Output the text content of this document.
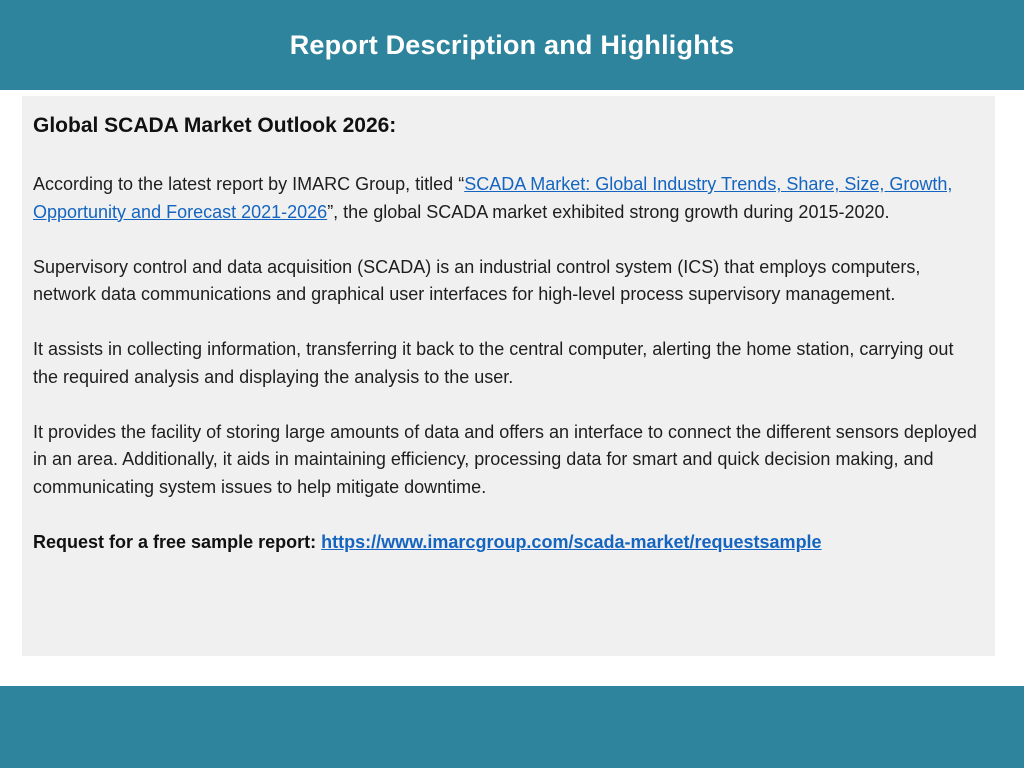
Report Description and Highlights
Global SCADA Market Outlook 2026:

According to the latest report by IMARC Group, titled “SCADA Market: Global Industry Trends, Share, Size, Growth, Opportunity and Forecast 2021-2026”, the global SCADA market exhibited strong growth during 2015-2020.

Supervisory control and data acquisition (SCADA) is an industrial control system (ICS) that employs computers, network data communications and graphical user interfaces for high-level process supervisory management.

It assists in collecting information, transferring it back to the central computer, alerting the home station, carrying out the required analysis and displaying the analysis to the user.

It provides the facility of storing large amounts of data and offers an interface to connect the different sensors deployed in an area. Additionally, it aids in maintaining efficiency, processing data for smart and quick decision making, and communicating system issues to help mitigate downtime.

Request for a free sample report: https://www.imarcgroup.com/scada-market/requestsample
